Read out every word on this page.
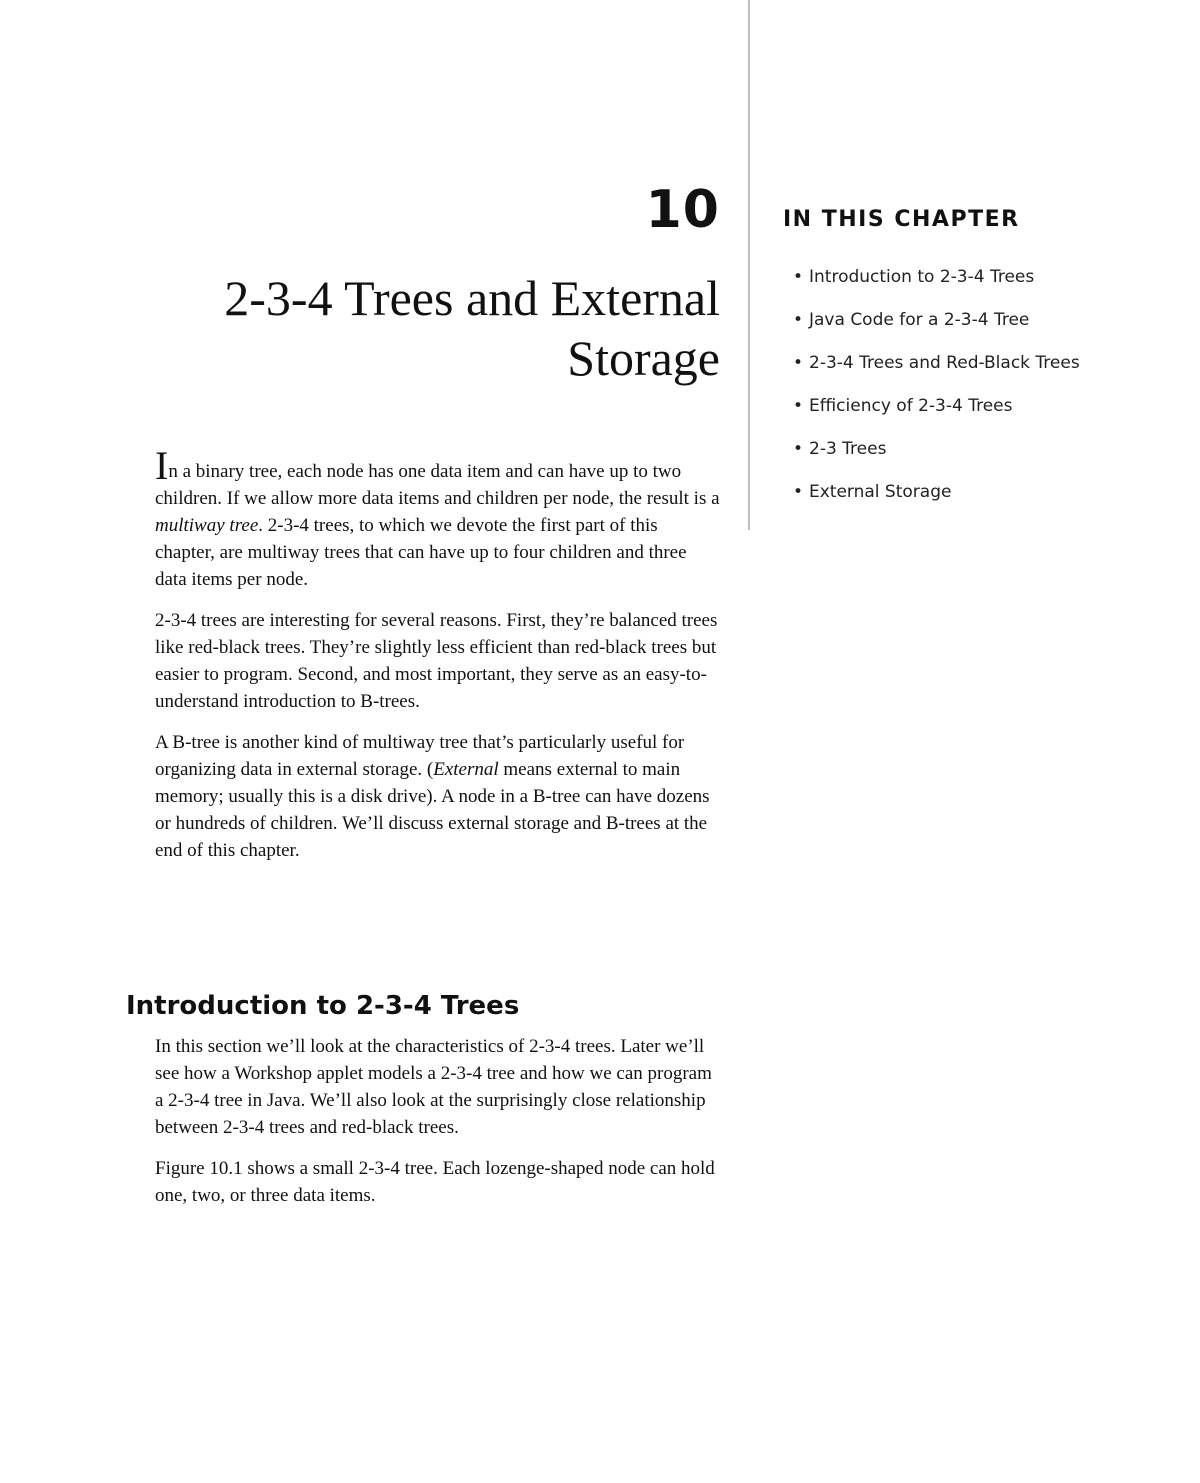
10
2-3-4 Trees and External
Storage
IN THIS CHAPTER
• Introduction to 2-3-4 Trees
• Java Code for a 2-3-4 Tree
• 2-3-4 Trees and Red-Black Trees
• Efficiency of 2-3-4 Trees
• 2-3 Trees
• External Storage

In a binary tree, each node has one data item and can have up to two children. If we allow more data items and children per node, the result is a multiway tree. 2-3-4 trees, to which we devote the first part of this chapter, are multiway trees that can have up to four children and three data items per node.

2-3-4 trees are interesting for several reasons. First, they’re balanced trees like red-black trees. They’re slightly less efficient than red-black trees but easier to program. Second, and most important, they serve as an easy-to-understand introduction to B-trees.

A B-tree is another kind of multiway tree that’s particularly useful for organizing data in external storage. (External means external to main memory; usually this is a disk drive). A node in a B-tree can have dozens or hundreds of children. We’ll discuss external storage and B-trees at the end of this chapter.

Introduction to 2-3-4 Trees

In this section we’ll look at the characteristics of 2-3-4 trees. Later we’ll see how a Workshop applet models a 2-3-4 tree and how we can program a 2-3-4 tree in Java. We’ll also look at the surprisingly close relationship between 2-3-4 trees and red-black trees.

Figure 10.1 shows a small 2-3-4 tree. Each lozenge-shaped node can hold one, two, or three data items.
